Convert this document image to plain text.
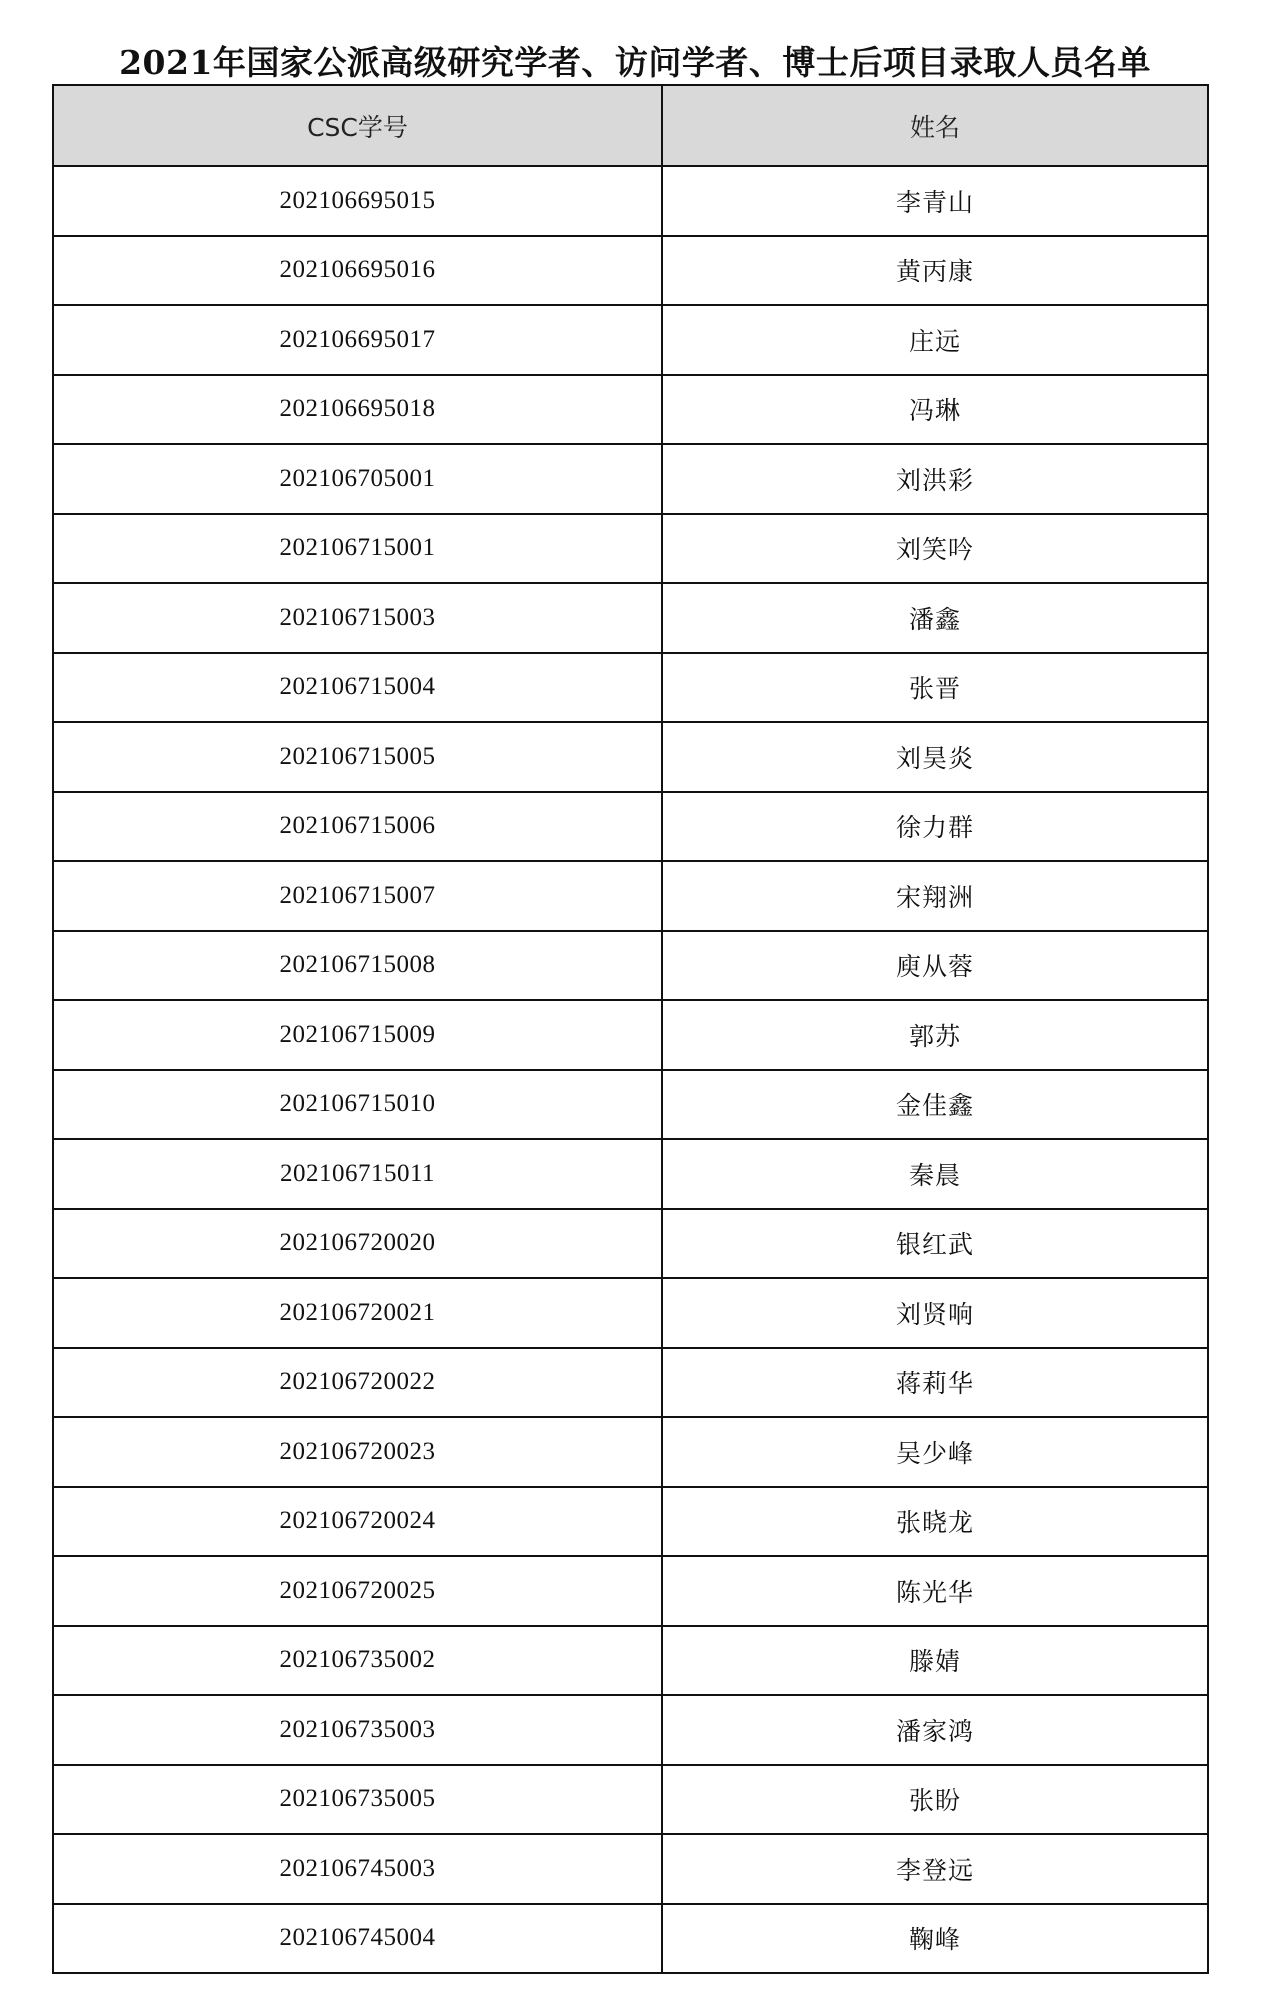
2021年国家公派高级研究学者、访问学者、博士后项目录取人员名单
CSC学号	姓名
202106695015	李青山
202106695016	黄丙康
202106695017	庄远
202106695018	冯琳
202106705001	刘洪彩
202106715001	刘笑吟
202106715003	潘鑫
202106715004	张晋
202106715005	刘昊炎
202106715006	徐力群
202106715007	宋翔洲
202106715008	庾从蓉
202106715009	郭苏
202106715010	金佳鑫
202106715011	秦晨
202106720020	银红武
202106720021	刘贤响
202106720022	蒋莉华
202106720023	吴少峰
202106720024	张晓龙
202106720025	陈光华
202106735002	滕婧
202106735003	潘家鸿
202106735005	张盼
202106745003	李登远
202106745004	鞠峰
